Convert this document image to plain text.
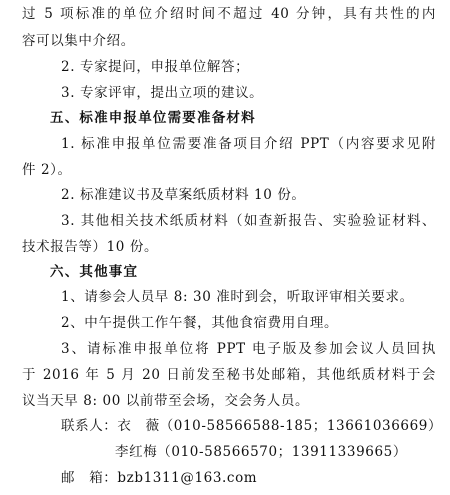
过 5 项标准的单位介绍时间不超过 40 分钟，具有共性的内
容可以集中介绍。
2. 专家提问，申报单位解答；
3. 专家评审，提出立项的建议。
五、标准申报单位需要准备材料
1. 标准申报单位需要准备项目介绍 PPT（内容要求见附
件 2）。
2. 标准建议书及草案纸质材料 10 份。
3. 其他相关技术纸质材料（如查新报告、实验验证材料、
技术报告等）10 份。
六、其他事宜
1、请参会人员早 8: 30 准时到会，听取评审相关要求。
2、中午提供工作午餐，其他食宿费用自理。
3、请标准申报单位将 PPT 电子版及参加会议人员回执
于 2016 年 5 月 20 日前发至秘书处邮箱，其他纸质材料于会
议当天早 8: 00 以前带至会场，交会务人员。
联系人：衣　薇（010-58566588-185；13661036669）
李红梅（010-58566570；13911339665）
邮　箱：bzb1311@163.com
